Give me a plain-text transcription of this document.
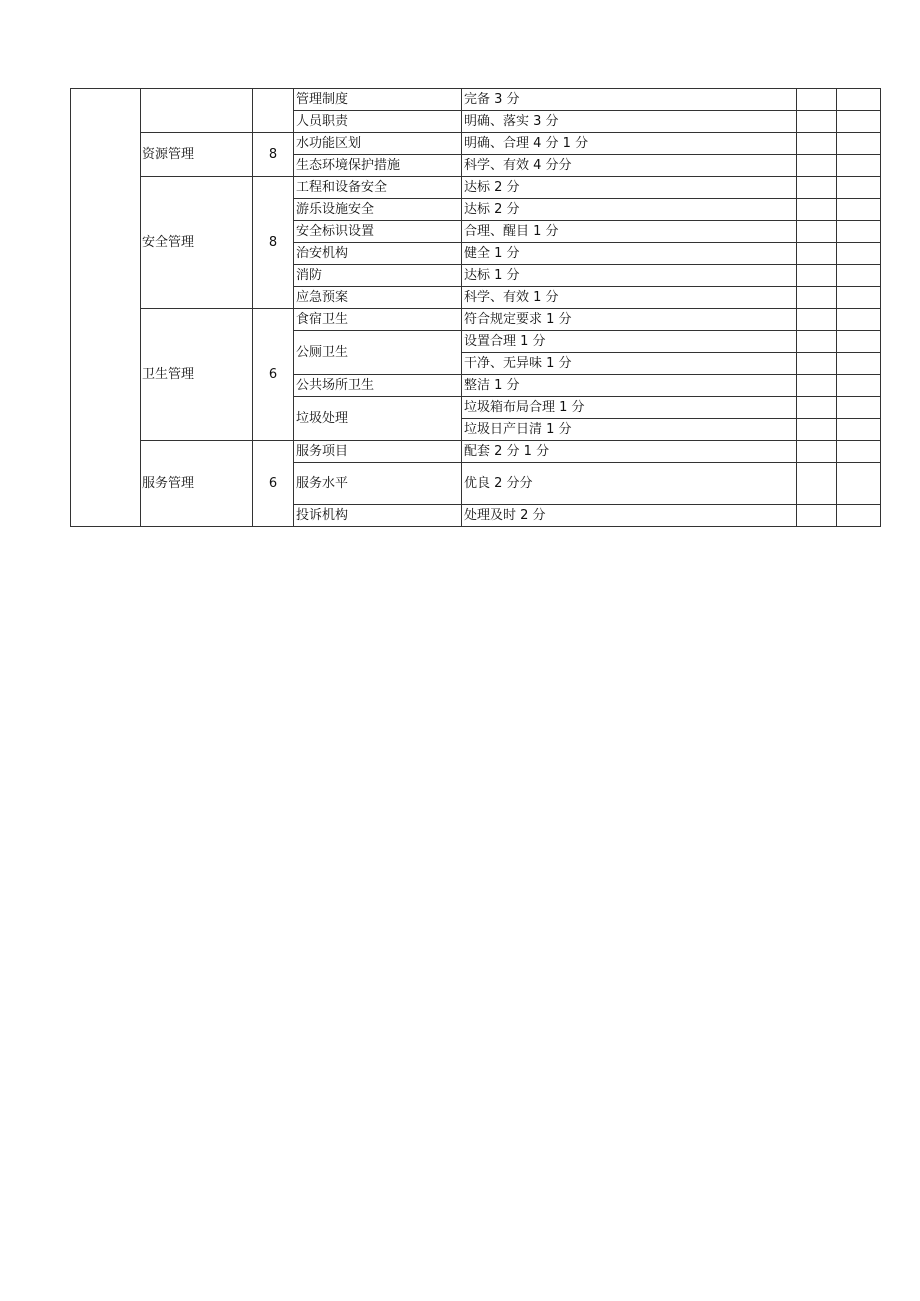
			管理制度	完备 3 分			
			人员职责	明确、落实 3 分			
	资源管理	8	水功能区划	明确、合理 4 分 1 分			
			生态环境保护措施	科学、有效 4 分分			
	安全管理	8	工程和设备安全	达标 2 分			
			游乐设施安全	达标 2 分			
			安全标识设置	合理、醒目 1 分			
			治安机构	健全 1 分			
			消防	达标 1 分			
			应急预案	科学、有效 1 分			
	卫生管理	6	食宿卫生	符合规定要求 1 分			
			公厕卫生	设置合理 1 分			
				干净、无异味 1 分			
			公共场所卫生	整洁 1 分			
			垃圾处理	垃圾箱布局合理 1 分			
				垃圾日产日清 1 分			
	服务管理	6	服务项目	配套 2 分 1 分			
			服务水平	优良 2 分分			
			投诉机构	处理及时 2 分			
